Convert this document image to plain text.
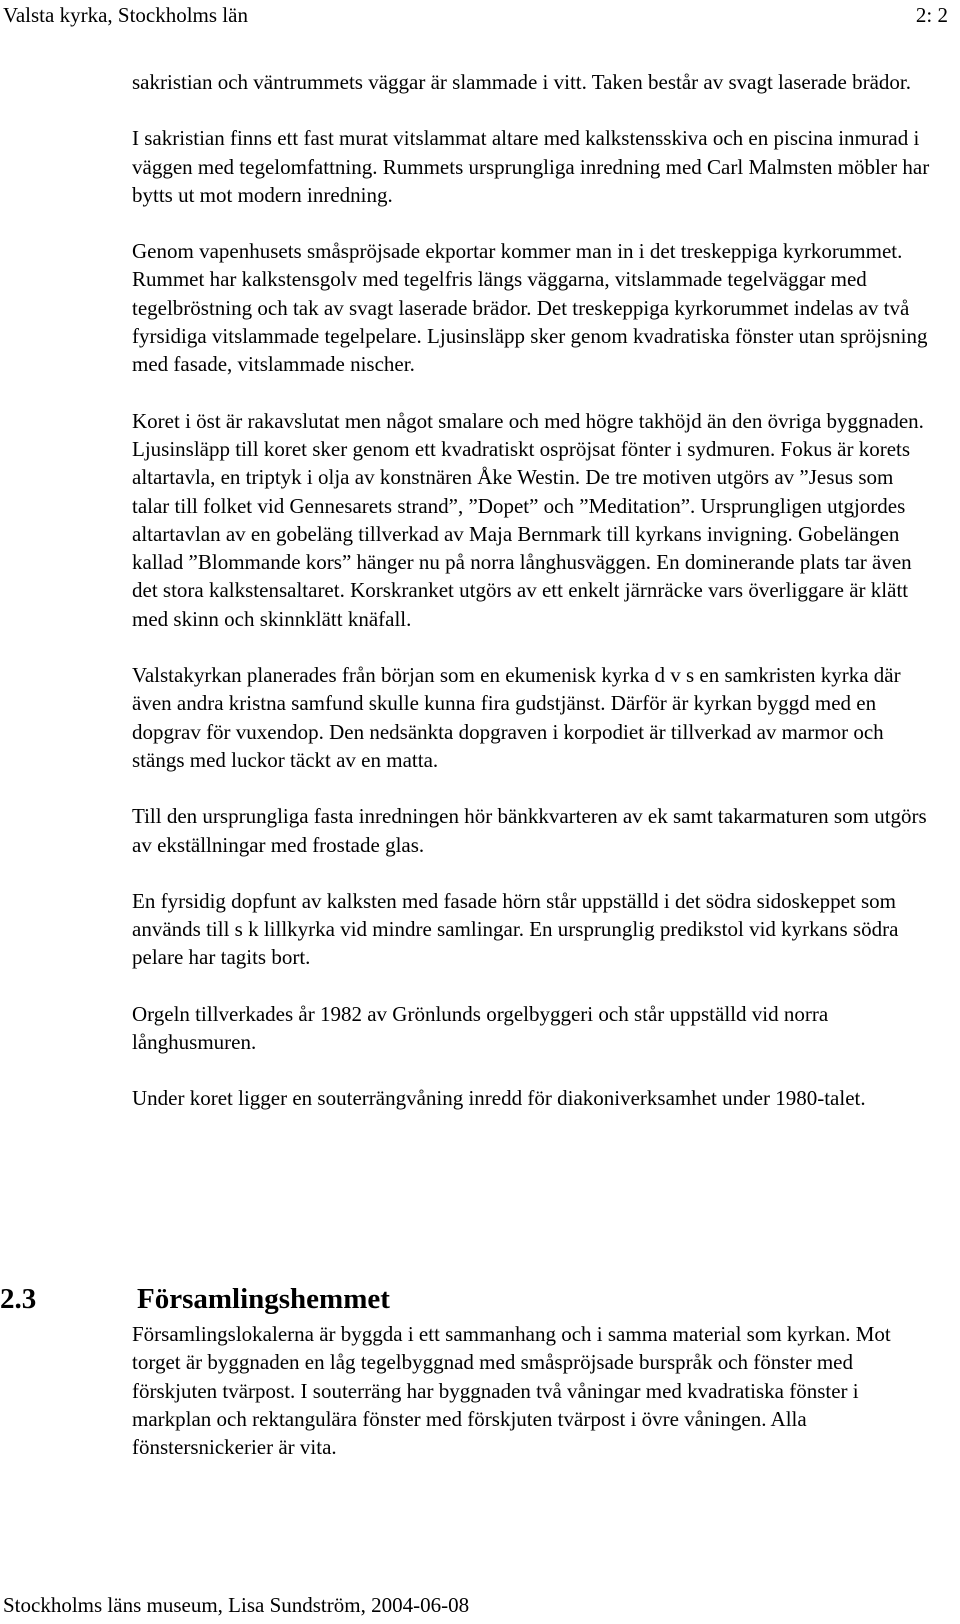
Valsta kyrka, Stockholms län	2: 2

sakristian och väntrummets väggar är slammade i vitt. Taken består av svagt laserade brädor.

I sakristian finns ett fast murat vitslammat altare med kalkstensskiva och en piscina inmurad i väggen med tegelomfattning. Rummets ursprungliga inredning med Carl Malmsten möbler har bytts ut mot modern inredning.

Genom vapenhusets småspröjsade ekportar kommer man in i det treskeppiga kyrkorummet. Rummet har kalkstensgolv med tegelfris längs väggarna, vitslammade tegelväggar med tegelbröstning och tak av svagt laserade brädor. Det treskeppiga kyrkorummet indelas av två fyrsidiga vitslammade tegelpelare. Ljusinsläpp sker genom kvadratiska fönster utan spröjsning med fasade, vitslammade nischer.

Koret i öst är rakavslutat men något smalare och med högre takhöjd än den övriga byggnaden. Ljusinsläpp till koret sker genom ett kvadratiskt ospröjsat fönter i sydmuren. Fokus är korets altartavla, en triptyk i olja av konstnären Åke Westin. De tre motiven utgörs av ”Jesus som talar till folket vid Gennesarets strand”, ”Dopet” och ”Meditation”. Ursprungligen utgjordes altartavlan av en gobeläng tillverkad av Maja Bernmark till kyrkans invigning. Gobelängen kallad ”Blommande kors” hänger nu på norra långhusväggen. En dominerande plats tar även det stora kalkstensaltaret. Korskranket utgörs av ett enkelt järnräcke vars överliggare är klätt med skinn och skinnklätt knäfall.

Valstakyrkan planerades från början som en ekumenisk kyrka d v s en samkristen kyrka där även andra kristna samfund skulle kunna fira gudstjänst. Därför är kyrkan byggd med en dopgrav för vuxendop. Den nedsänkta dopgraven i korpodiet är tillverkad av marmor och stängs med luckor täckt av en matta.

Till den ursprungliga fasta inredningen hör bänkkvarteren av ek samt takarmaturen som utgörs av ekställningar med frostade glas.

En fyrsidig dopfunt av kalksten med fasade hörn står uppställd i det södra sidoskeppet som används till s k lillkyrka vid mindre samlingar. En ursprunglig predikstol vid kyrkans södra pelare har tagits bort.

Orgeln tillverkades år 1982 av Grönlunds orgelbyggeri och står uppställd vid norra långhusmuren.

Under koret ligger en souterrängvåning inredd för diakoniverksamhet under 1980-talet.

2.3	Församlingshemmet

Församlingslokalerna är byggda i ett sammanhang och i samma material som kyrkan. Mot torget är byggnaden en låg tegelbyggnad med småspröjsade burspråk och fönster med förskjuten tvärpost. I souterräng har byggnaden två våningar med kvadratiska fönster i markplan och rektangulära fönster med förskjuten tvärpost i övre våningen. Alla fönstersnickerier är vita.

Stockholms läns museum, Lisa Sundström, 2004-06-08
